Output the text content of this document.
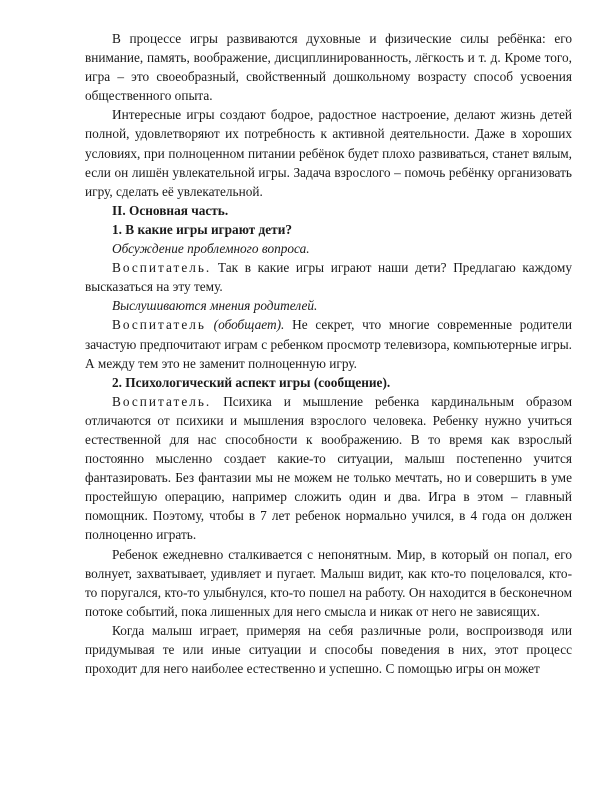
В процессе игры развиваются духовные и физические силы ребёнка: его внимание, память, воображение, дисциплинированность, лёгкость и т. д. Кроме того, игра – это своеобразный, свойственный дошкольному возрасту способ усвоения общественного опыта.

Интересные игры создают бодрое, радостное настроение, делают жизнь детей полной, удовлетворяют их потребность к активной деятельности. Даже в хороших условиях, при полноценном питании ребёнок будет плохо развиваться, станет вялым, если он лишён увлекательной игры. Задача взрослого – помочь ребёнку организовать игру, сделать её увлекательной.

II. Основная часть.

1. В какие игры играют дети?

Обсуждение проблемного вопроса.

Воспитатель. Так в какие игры играют наши дети? Предлагаю каждому высказаться на эту тему.

Выслушиваются мнения родителей.

Воспитатель (обобщает). Не секрет, что многие современные родители зачастую предпочитают играм с ребенком просмотр телевизора, компьютерные игры. А между тем это не заменит полноценную игру.

2. Психологический аспект игры (сообщение).

Воспитатель. Психика и мышление ребенка кардинальным образом отличаются от психики и мышления взрослого человека. Ребенку нужно учиться естественной для нас способности к воображению. В то время как взрослый постоянно мысленно создает какие-то ситуации, малыш постепенно учится фантазировать. Без фантазии мы не можем не только мечтать, но и совершить в уме простейшую операцию, например сложить один и два. Игра в этом – главный помощник. Поэтому, чтобы в 7 лет ребенок нормально учился, в 4 года он должен полноценно играть.

Ребенок ежедневно сталкивается с непонятным. Мир, в который он попал, его волнует, захватывает, удивляет и пугает. Малыш видит, как кто-то поцеловался, кто-то поругался, кто-то улыбнулся, кто-то пошел на работу. Он находится в бесконечном потоке событий, пока лишенных для него смысла и никак от него не зависящих.

Когда малыш играет, примеряя на себя различные роли, воспроизводя или придумывая те или иные ситуации и способы поведения в них, этот процесс проходит для него наиболее естественно и успешно. С помощью игры он может
